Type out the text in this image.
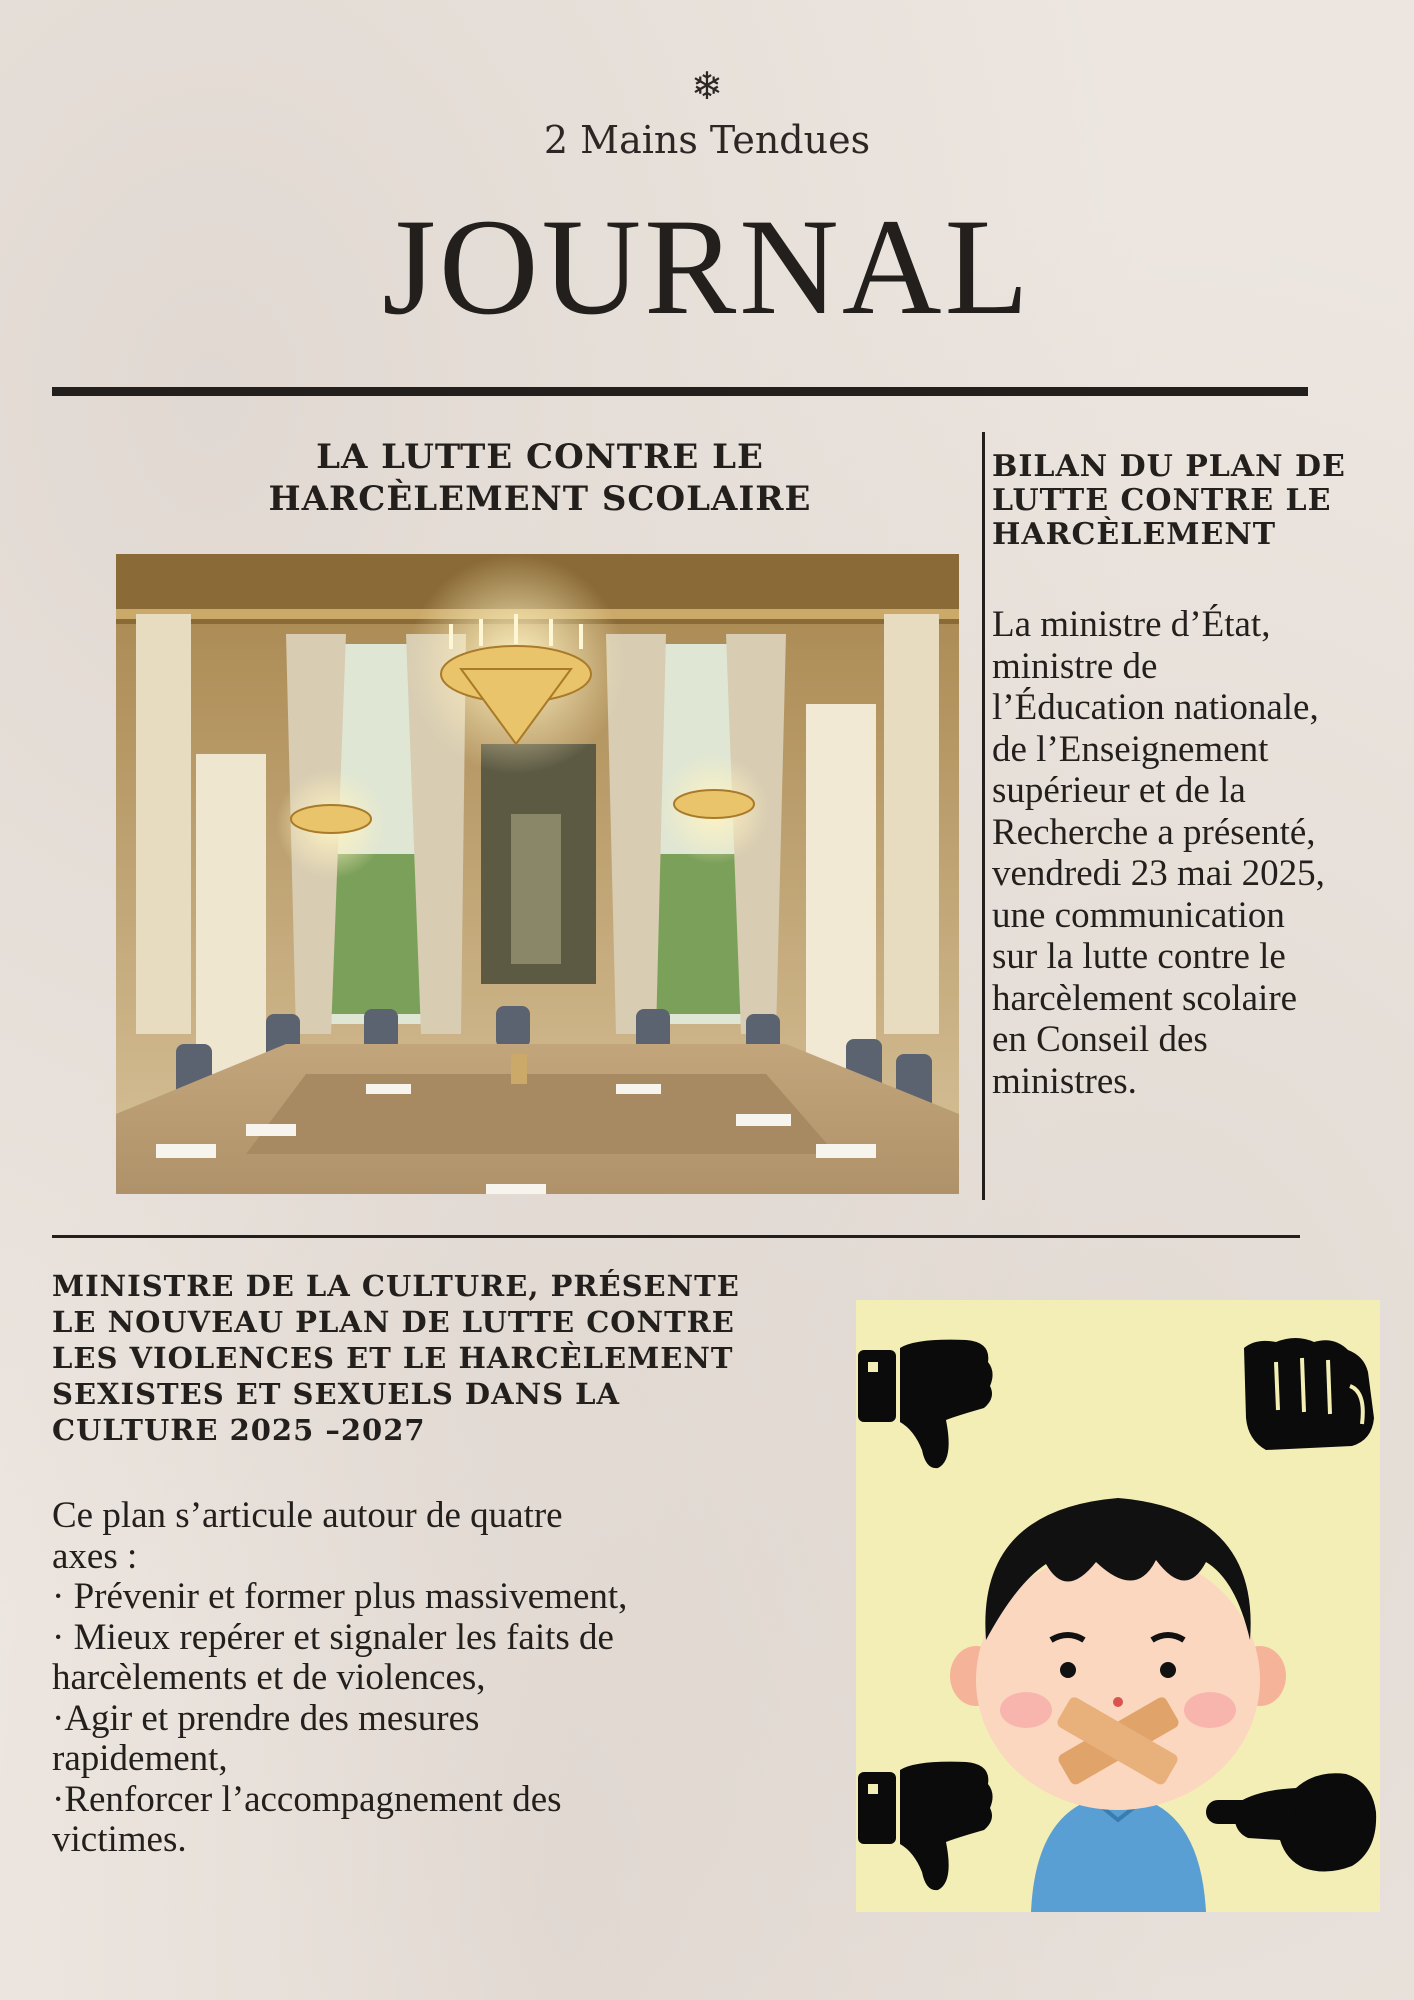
❄
2 Mains Tendues
JOURNAL
LA LUTTE CONTRE LE
HARCÈLEMENT SCOLAIRE
BILAN DU PLAN DE
LUTTE CONTRE LE
HARCÈLEMENT
La ministre d’État,
ministre de
l’Éducation nationale,
de l’Enseignement
supérieur et de la
Recherche a présenté,
vendredi 23 mai 2025,
une communication
sur la lutte contre le
harcèlement scolaire
en Conseil des
ministres.
MINISTRE DE LA CULTURE, PRÉSENTE
LE NOUVEAU PLAN DE LUTTE CONTRE
LES VIOLENCES ET LE HARCÈLEMENT
SEXISTES ET SEXUELS DANS LA
CULTURE 2025 –2027
Ce plan s’articule autour de quatre
axes :
· Prévenir et former plus massivement,
· Mieux repérer et signaler les faits de
harcèlements et de violences,
·Agir et prendre des mesures
rapidement,
·Renforcer l’accompagnement des
victimes.
